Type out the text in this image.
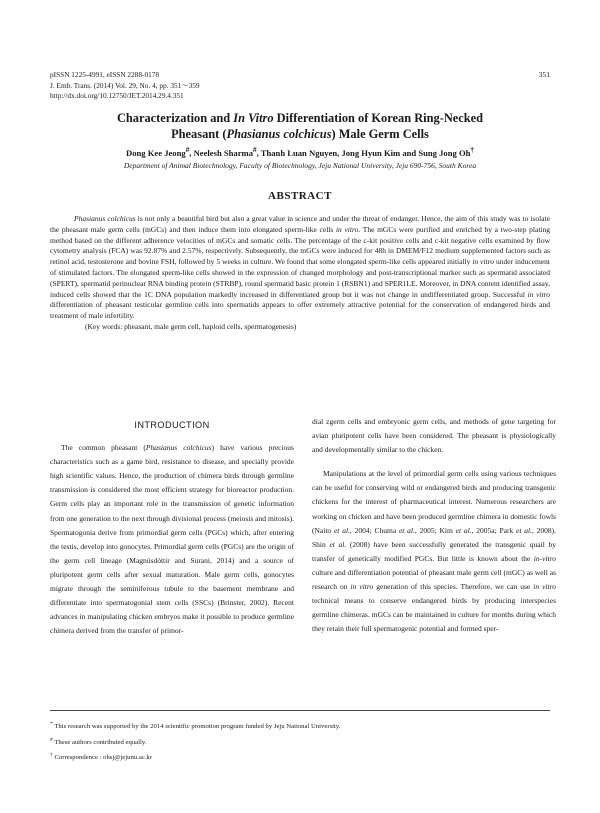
pISSN 1225-4991, eISSN 2288-0178
J. Emb. Trans. (2014) Vol. 29, No. 4, pp. 351～359
http://dx.doi.org/10.12750/JET.2014.29.4.351
351
Characterization and In Vitro Differentiation of Korean Ring-Necked
Pheasant (Phasianus colchicus) Male Germ Cells
Dong Kee Jeong#, Neelesh Sharma#, Thanh Luan Nguyen, Jong Hyun Kim and Sung Jong Oh†
Department of Animal Biotechnology, Faculty of Biotechnology, Jeju National University, Jeju 690-756, South Korea
ABSTRACT

Phasianus colchicus is not only a beautiful bird but also a great value in science and under the threat of endanger. Hence, the aim of this study was to isolate the pheasant male germ cells (mGCs) and then induce them into elongated sperm-like cells in vitro. The mGCs were purified and enriched by a two-step plating method based on the different adherence velocities of mGCs and somatic cells. The percentage of the c-kit positive cells and c-kit negative cells examined by flow cytometry analysis (FCA) was 92.87% and 2.57%, respectively. Subsequently, the mGCs were induced for 48h in DMEM/F12 medium supplemented factors such as retinol acid, testosterone and bovine FSH, followed by 5 weeks in culture. We found that some elongated sperm-like cells appeared initially in vitro under inducement of stimulated factors. The elongated sperm-like cells showed in the expression of changed morphology and post-transcriptional marker such as spermatid associated (SPERT), spermatid perinuclear RNA binding protein (STRBP), round spermatid basic protein 1 (RSBN1) and SPER1LE. Moreover, in DNA content identified assay, induced cells showed that the 1C DNA population markedly increased in differentiated group but it was not change in undifferentiated group. Successful in vitro differentiation of pheasant testicular germline cells into spermatids appears to offer extremely attractive potential for the conservation of endangered birds and treatment of male infertility.

(Key words: pheasant, male germ cell, haploid cells, spermatogenesis)

INTRODUCTION

The common pheasant (Phasianus colchicus) have various precious characteristics such as a game bird, resistance to disease, and specially provide high scientific values. Hence, the production of chimera birds through germline transmission is considered the most efficient strategy for bioreactor production. Germ cells play an important role in the transmission of genetic information from one generation to the next through divisional process (meiosis and mitosis). Spermatogonia derive from primordial germ cells (PGCs) which, after entering the testis, develop into gonocytes. Primordial germ cells (PGCs) are the origin of the germ cell lineage (Magnúsdóttir and Surani, 2014) and a source of pluripotent germ cells after sexual maturation. Male germ cells, gonocytes migrate through the seminiferous tubule to the basement membrane and differentiate into spermatogonial stem cells (SSCs) (Brinster, 2002). Recent advances in manipulating chicken embryos make it possible to produce germline chimera derived from the transfer of primor-

dial zgerm cells and embryonic germ cells, and methods of gene targeting for avian pluripotent cells have been considered. The pheasant is physiologically and developmentally similar to the chicken.

Manipulations at the level of primordial germ cells using various techniques can be useful for conserving wild or endangered birds and producing transgenic chickens for the interest of pharmaceutical interest. Numerous researchers are working on chicken and have been produced germline chimera in domestic fowls (Naito et al., 2004; Chuma et al., 2005; Kim et al., 2005a; Park et al., 2008). Shin et al. (2008) have been successfully generated the transgenic quail by transfer of genetically modified PGCs. But little is known about the in-vitro culture and differentiation potential of pheasant male germ cell (mGC) as well as research on in vitro generation of this species. Therefore, we can use in vitro technical means to conserve endangered birds by producing interspecies germline chimeras. mGCs can be maintained in culture for months during which they retain their full spermatogenic potential and formed sper-

* This research was supported by the 2014 scientific promotion program funded by Jeju National University.
# These authors contributed equally.
† Correspondence : ohsj@jejunu.ac.kr
